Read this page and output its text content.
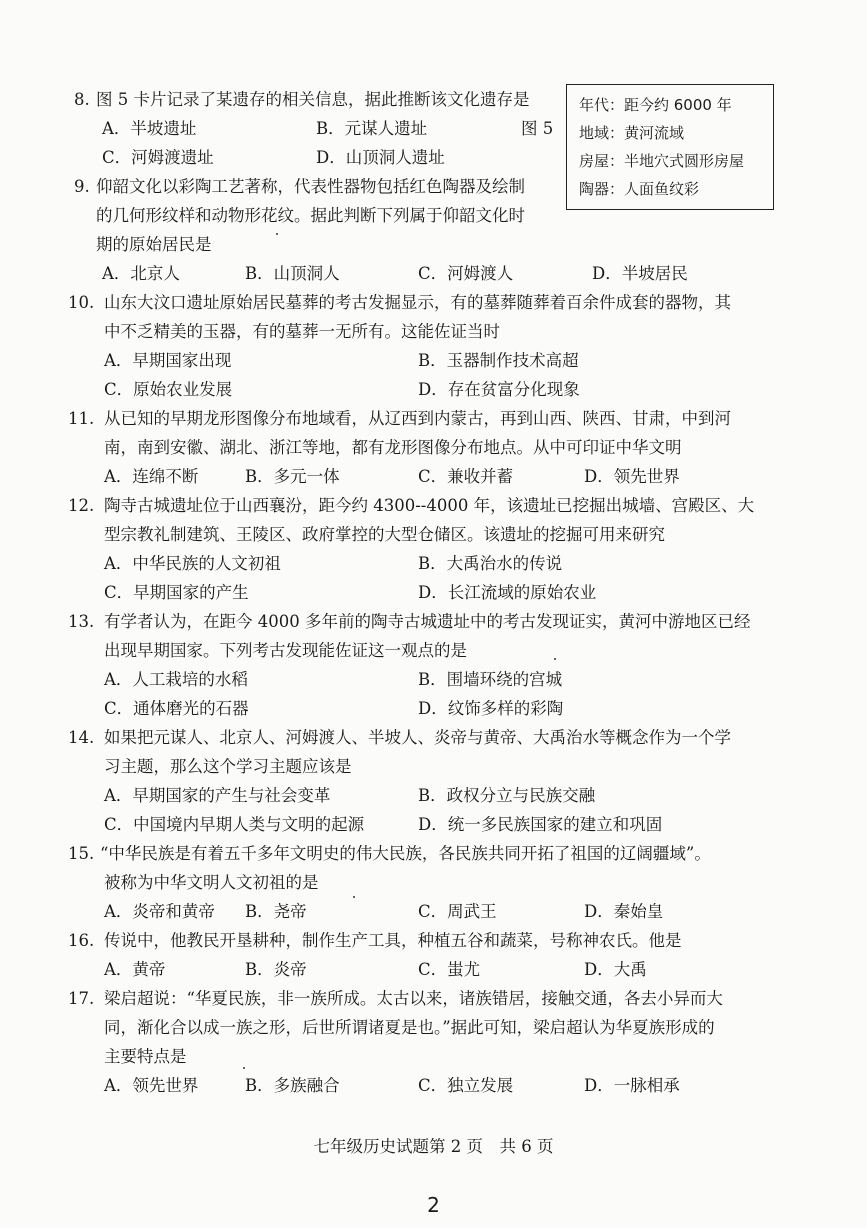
年代：距今约 6000 年
地域：黄河流域
房屋：半地穴式圆形房屋
陶器：人面鱼纹彩
8. 图 5 卡片记录了某遗存的相关信息，据此推断该文化遗存是
A．半坡遗址	B．元谋人遗址	图 5
C．河姆渡遗址	D．山顶洞人遗址
9. 仰韶文化以彩陶工艺著称，代表性器物包括红色陶器及绘制
的几何形纹样和动物形花纹。据此判断下列属于仰韶文化时
期的原始居民是
A．北京人	B．山顶洞人	C．河姆渡人	D．半坡居民
10. 山东大汶口遗址原始居民墓葬的考古发掘显示，有的墓葬随葬着百余件成套的器物，其
中不乏精美的玉器，有的墓葬一无所有。这能佐证当时
A．早期国家出现	B．玉器制作技术高超
C．原始农业发展	D．存在贫富分化现象
11. 从已知的早期龙形图像分布地域看，从辽西到内蒙古，再到山西、陕西、甘肃，中到河
南，南到安徽、湖北、浙江等地，都有龙形图像分布地点。从中可印证中华文明
A．连绵不断	B．多元一体	C．兼收并蓄	D．领先世界
12. 陶寺古城遗址位于山西襄汾，距今约 4300--4000 年，该遗址已挖掘出城墙、宫殿区、大
型宗教礼制建筑、王陵区、政府掌控的大型仓储区。该遗址的挖掘可用来研究
A．中华民族的人文初祖	B．大禹治水的传说
C．早期国家的产生	D．长江流域的原始农业
13. 有学者认为，在距今 4000 多年前的陶寺古城遗址中的考古发现证实，黄河中游地区已经
出现早期国家。下列考古发现能佐证这一观点的是
A．人工栽培的水稻	B．围墙环绕的宫城
C．通体磨光的石器	D．纹饰多样的彩陶
14. 如果把元谋人、北京人、河姆渡人、半坡人、炎帝与黄帝、大禹治水等概念作为一个学
习主题，那么这个学习主题应该是
A．早期国家的产生与社会变革	B．政权分立与民族交融
C．中国境内早期人类与文明的起源	D．统一多民族国家的建立和巩固
15. “中华民族是有着五千多年文明史的伟大民族，各民族共同开拓了祖国的辽阔疆域”。
被称为中华文明人文初祖的是
A．炎帝和黄帝 B．尧帝	C．周武王	D．秦始皇
16. 传说中，他教民开垦耕种，制作生产工具，种植五谷和蔬菜，号称神农氏。他是
A．黄帝	B．炎帝	C．蚩尤	D．大禹
17. 梁启超说：“华夏民族，非一族所成。太古以来，诸族错居，接触交通，各去小异而大
同，渐化合以成一族之形，后世所谓诸夏是也。”据此可知，梁启超认为华夏族形成的
主要特点是
A．领先世界	B．多族融合	C．独立发展	D．一脉相承
七年级历史试题第 2 页　共 6 页
2
